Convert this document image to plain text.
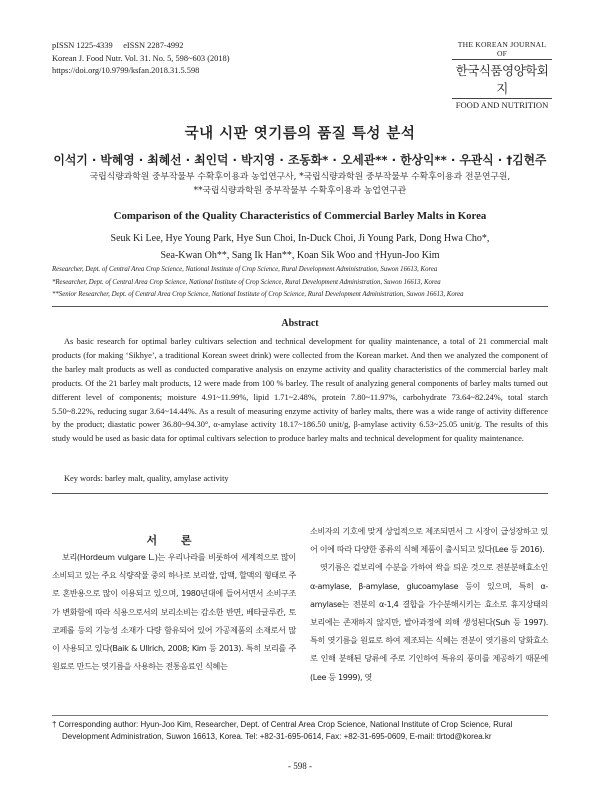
pISSN 1225-4339     eISSN 2287-4992
Korean J. Food Nutr. Vol. 31. No. 5, 598~603 (2018)
https://doi.org/10.9799/ksfan.2018.31.5.598
THE KOREAN JOURNAL OF
한국식품영양학회지
FOOD AND NUTRITION
국내 시판 엿기름의 품질 특성 분석
이석기 · 박혜영 · 최혜선 · 최인덕 · 박지영 · 조동화* · 오세관** · 한상익** · 우관식 · †김현주
국립식량과학원 중부작물부 수확후이용과 농업연구사, *국립식량과학원 중부작물부 수확후이용과 전문연구원,
**국립식량과학원 중부작물부 수확후이용과 농업연구관
Comparison of the Quality Characteristics of Commercial Barley Malts in Korea
Seuk Ki Lee, Hye Young Park, Hye Sun Choi, In-Duck Choi, Ji Young Park, Dong Hwa Cho*,
Sea-Kwan Oh**, Sang Ik Han**, Koan Sik Woo and †Hyun-Joo Kim
Researcher, Dept. of Central Area Crop Science, National Institute of Crop Science, Rural Development Administration, Suwon 16613, Korea
*Researcher, Dept. of Central Area Crop Science, National Institute of Crop Science, Rural Development Administration, Suwon 16613, Korea
**Senior Researcher, Dept. of Central Area Crop Science, National Institute of Crop Science, Rural Development Administration, Suwon 16613, Korea
Abstract
As basic research for optimal barley cultivars selection and technical development for quality maintenance, a total of 21 commercial malt products (for making ‘Sikhye’, a traditional Korean sweet drink) were collected from the Korean market. And then we analyzed the component of the barley malt products as well as conducted comparative analysis on enzyme activity and quality characteristics of the commercial barley malt products. Of the 21 barley malt products, 12 were made from 100 % barley. The result of analyzing general components of barley malts turned out different level of components; moisture 4.91~11.99%, lipid 1.71~2.48%, protein 7.80~11.97%, carbohydrate 73.64~82.24%, total starch 5.50~8.22%, reducing sugar 3.64~14.44%. As a result of measuring enzyme activity of barley malts, there was a wide range of activity difference by the product; diastatic power 36.80~94.30°, α-amylase activity 18.17~186.50 unit/g, β-amylase activity 6.53~25.05 unit/g. The results of this study would be used as basic data for optimal cultivars selection to produce barley malts and technical development for quality maintenance.
Key words: barley malt, quality, amylase activity
서 론

보리(Hordeum vulgare L.)는 우리나라를 비롯하여 세계적으로 많이 소비되고 있는 주요 식량작물 중의 하나로 보리쌀, 압맥, 할맥의 형태로 주로 혼반용으로 많이 이용되고 있으며, 1980년대에 들어서면서 소비구조가 변화함에 따라 식용으로서의 보리소비는 감소한 반면, 베타글루칸, 토코페롤 등의 기능성 소재가 다량 함유되어 있어 가공제품의 소재로서 많이 사용되고 있다(Baik & Ullrich, 2008; Kim 등 2013). 특히 보리를 주원료로 만드는 엿기름을 사용하는 전통음료인 식혜는

소비자의 기호에 맞게 상업적으로 제조되면서 그 시장이 급성장하고 있어 이에 따라 다양한 종류의 식혜 제품이 출시되고 있다(Lee 등 2016).

엿기름은 겉보리에 수분을 가하여 싹을 틔운 것으로 전분분해효소인 α-amylase, β-amylase, glucoamylase 등이 있으며, 특히 α-amylase는 전분의 α-1,4 결합을 가수분해시키는 효소로 휴지상태의 보리에는 존재하지 않지만, 발아과정에 의해 생성된다(Suh 등 1997). 특히 엿기름을 원료로 하여 제조되는 식혜는 전분이 엿기름의 당화효소로 인해 분해된 당류에 주로 기인하여 특유의 풍미를 제공하기 때문에(Lee 등 1999), 엿

† Corresponding author: Hyun-Joo Kim, Researcher, Dept. of Central Area Crop Science, National Institute of Crop Science, Rural
Development Administration, Suwon 16613, Korea. Tel: +82-31-695-0614, Fax: +82-31-695-0609, E-mail: tlrtod@korea.kr
- 598 -
